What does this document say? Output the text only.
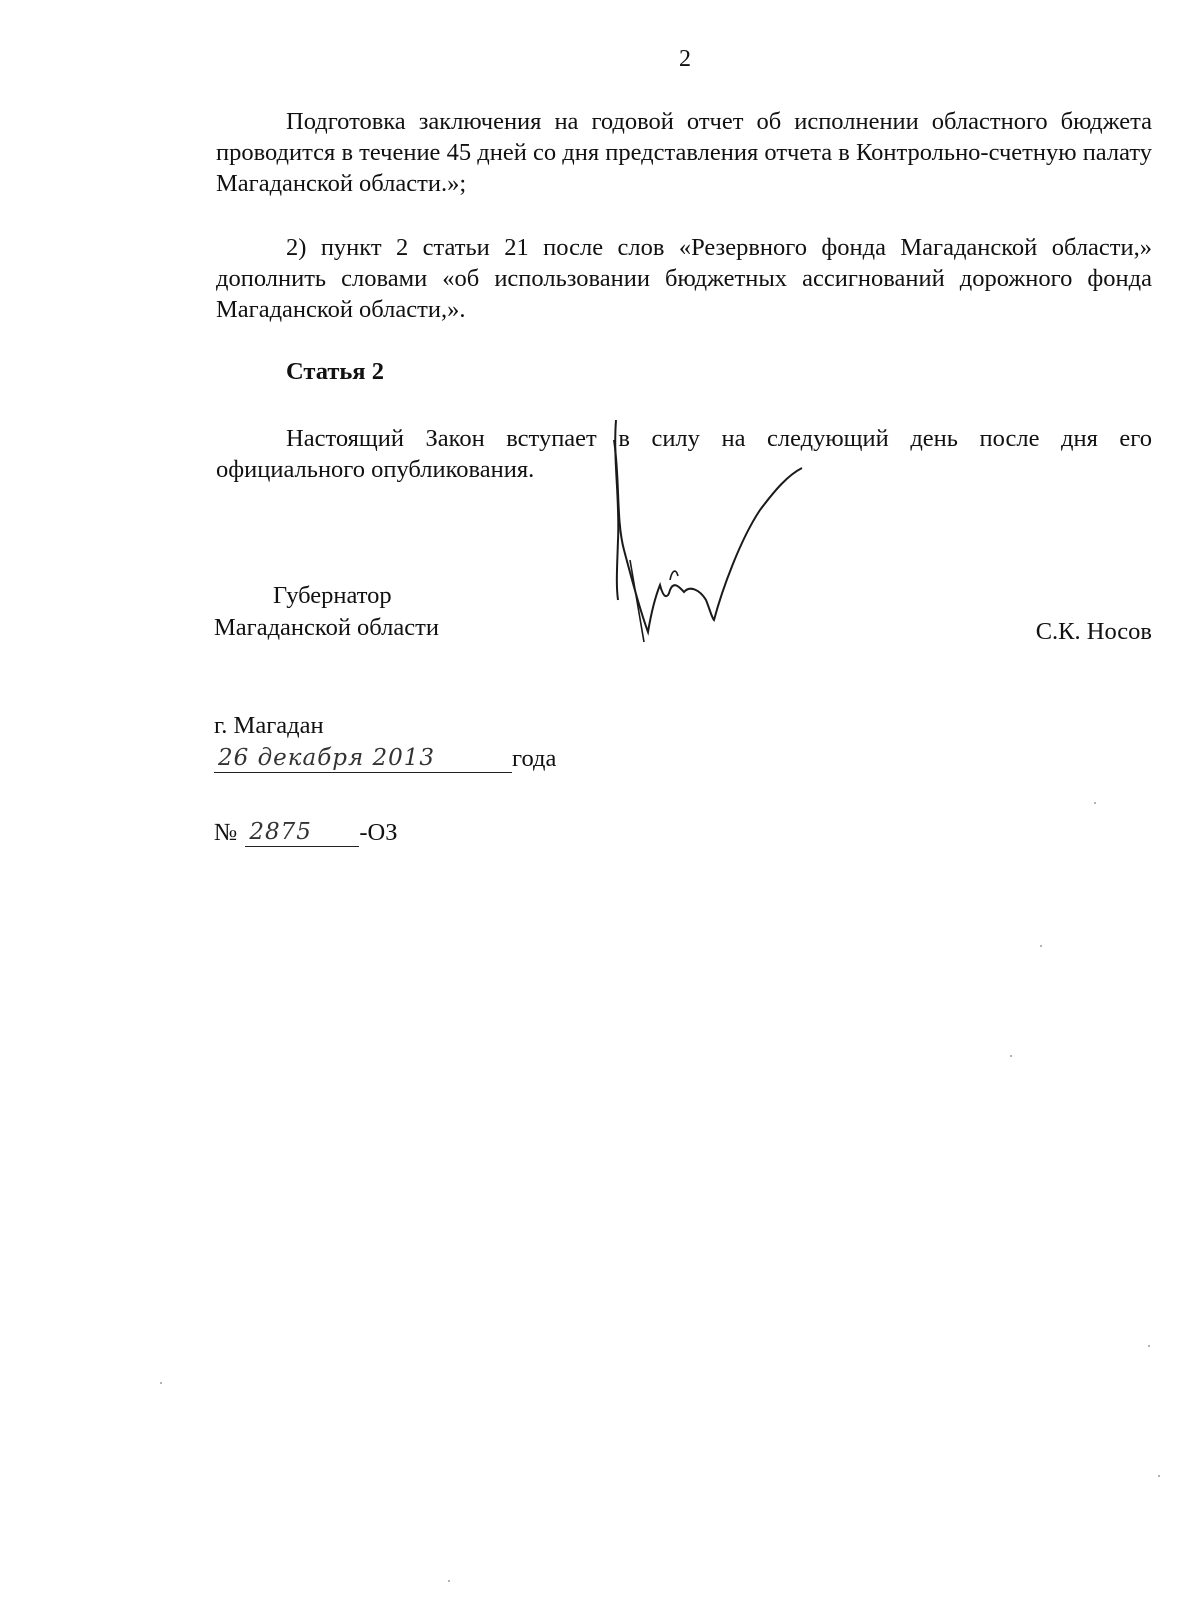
2

Подготовка заключения на годовой отчет об исполнении областного бюджета проводится в течение 45 дней со дня представления отчета в Контрольно-счетную палату Магаданской области.»;

2) пункт 2 статьи 21 после слов «Резервного фонда Магаданской области,» дополнить словами «об использовании бюджетных ассигнований дорожного фонда Магаданской области,».

Статья 2

Настоящий Закон вступает в силу на следующий день после дня его официального опубликования.

Губернатор
Магаданской области	С.К. Носов
г. Магадан
26 декабря 2013	года
№ 2875	-ОЗ
